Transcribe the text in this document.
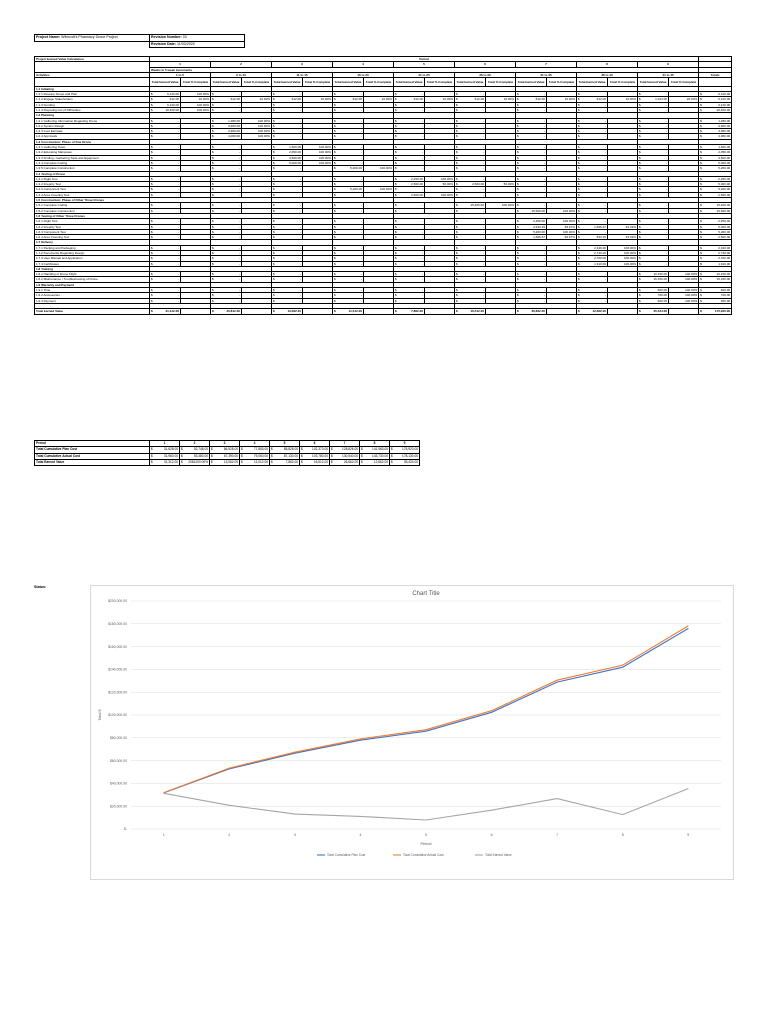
Project Name: Wilmcott's Pharmacy Drone Project	Revision Number: 03
	Revision Date: 11/03/2020
Project Earned Value Calculation	Period																		
	1		2		3		4		5		6		7		8		9		
	Weeks in 5 week increments																		
Activities	1 to 5		6 to 10		11 to 15		16 to 20		21 to 25		26 to 30		31 to 35		36 to 40		41 to 45		Totals
	Total Earned Value	Total % Complete	Total Earned Value	Total % Complete	Total Earned Value	Total % Complete	Total Earned Value	Total % Complete	Total Earned Value	Total % Complete	Total Earned Value	Total % Complete	Total Earned Value	Total % Complete	Total Earned Value	Total % Complete	Total Earned Value	Total % Complete	
1.1 Initiating																			
1.1.1 Develop Scope and Plan	$ 6,120.00	100.00%	$ -		$ -		$ -		$ -		$ -		$ -		$ -		$ -		$ 6,120.00

1.1.2 Engage Stakeholders	$ 612.00	10.00%	$ 612.00	10.00%	$ 612.00	10.00%	$ 612.00	10.00%	$ 612.00	10.00%	$ 612.00	10.00%	$ 612.00	10.00%	$ 612.00	10.00%	$ 1,224.00	20.00%	$ 6,120.00

1.1.3 Funding	$ 6,120.00	100.00%	$ -		$ -		$ -		$ -		$ -		$ -		$ -		$ -		$ 6,120.00

1.1.4 Preparing List of Difficulties	$ 18,460.00	100.00%	$ -		$ -		$ -		$ -		$ -		$ -		$ -		$ -		$ 18,460.00

1.2 Planning																			
1.2.1 Gathering Information Regarding Drone	$ -		$ 1,280.00	100.00%	$ -		$ -		$ -		$ -		$ -		$ -		$ -		$ 1,280.00

1.2.2 System Design	$ -		$ 9,900.00	100.00%	$ -		$ -		$ -		$ -		$ -		$ -		$ -		$ 9,900.00

1.2.3 Cost Estimate	$ -		$ 3,960.00	100.00%	$ -		$ -		$ -		$ -		$ -		$ -		$ -		$ 3,960.00

1.2.4 Approvals	$ -		$ 4,060.00	100.00%	$ -		$ -		$ -		$ -		$ -		$ -		$ -		$ 4,060.00

1.3 Construction: Phase of One Drone																			
1.3.1 Gathering Team	$ -		$ -		$ 1,600.00	100.00%	$ -		$ -		$ -		$ -		$ -		$ -		$ 1,600.00

1.3.2 Educating Manpower	$ -		$ -		$ 2,050.00	100.00%	$ -		$ -		$ -		$ -		$ -		$ -		$ 2,050.00

1.3.3 Finding / Gathering Tools and Equipment	$ -		$ -		$ 3,500.00	100.00%	$ -		$ -		$ -		$ -		$ -		$ -		$ 3,500.00

1.3.4 Complete Coding	$ -		$ -		$ 5,000.00	100.00%	$ -		$ -		$ -		$ -		$ -		$ -		$ 5,000.00

1.3.5 Complete Construction	$ -		$ -		$ -		$ 5,200.00	100.00%	$ -		$ -		$ -		$ -		$ -		$ 5,200.00

1.4 Testing of Drone																			
1.4.1 Flight Test	$ -		$ -		$ -		$ -		$ 2,250.00	100.00%	$ -		$ -		$ -		$ -		$ 2,250.00

1.4.2 Integrity Test	$ -		$ -		$ -		$ -		$ 2,500.00	50.00%	$ 2,500.00	50.00%	$ -		$ -		$ -		$ 5,000.00

1.4.3 Component Test	$ -		$ -		$ -		$ 5,200.00	100.00%	$ -		$ -		$ -		$ -		$ -		$ 5,200.00

1.4.4 Area Covering Test	$ -		$ -		$ -		$ -		$ 2,500.00	100.00%	$ -		$ -		$ -		$ -		$ 2,500.00

1.5 Construction: Phase of Other Three Drones																			
1.5.1 Complete Coding	$ -		$ -		$ -		$ -		$ -		$ 15,400.00	100.00%	$ -		$ -		$ -		$ 15,400.00

1.5.2 Complete Construction	$ -		$ -		$ -		$ -		$ -		$ -		$ 15,600.00	100.00%	$ -		$ -		$ 15,600.00

1.6 Testing of Other Three Drones																			
1.6.1 Flight Test	$ -		$ -		$ -		$ -		$ -		$ -		$ 2,250.00	100.00%	$ -		$ -		$ 2,250.00

1.6.2 Integrity Test	$ -		$ -		$ -		$ -		$ -		$ -		$ 3,333.33	66.67%	$ 1,666.67	33.33%	$ -		$ 5,000.00

1.6.3 Component Test	$ -		$ -		$ -		$ -		$ -		$ -		$ 5,200.00	100.00%	$ -		$ -		$ 5,200.00

1.6.4 Area Covering Test	$ -		$ -		$ -		$ -		$ -		$ -		$ 1,666.67	66.67%	$ 833.33	33.33%	$ -		$ 2,500.00

1.7 Delivery																			
1.7.1 Packing and Packaging	$ -		$ -		$ -		$ -		$ -		$ -		$ -		$ 2,340.00	100.00%	$ -		$ 2,340.00

1.7.2 Documents Regarding Design	$ -		$ -		$ -		$ -		$ -		$ -		$ -		$ 2,740.00	100.00%	$ -		$ 2,740.00

1.7.3 User Manual and Application	$ -		$ -		$ -		$ -		$ -		$ -		$ -		$ 2,700.00	100.00%	$ -		$ 2,700.00

1.7.4 Certificates	$ -		$ -		$ -		$ -		$ -		$ -		$ -		$ 1,910.00	100.00%	$ -		$ 1,910.00

1.8 Training																			
1.8.1 Handling of Drone Flight	$ -		$ -		$ -		$ -		$ -		$ -		$ -		$ -		$ 16,150.00	100.00%	$ 16,150.00

1.8.2 Maintenance / Troubleshooting of Drone	$ -		$ -		$ -		$ -		$ -		$ -		$ -		$ -		$ 16,150.00	100.00%	$ 16,150.00

1.9 Warranty and Payment																			
1.9.1 Time	$ -		$ -		$ -		$ -		$ -		$ -		$ -		$ -		$ 600.00	100.00%	$ 600.00

1.9.2 Accessories	$ -		$ -		$ -		$ -		$ -		$ -		$ -		$ -		$ 700.00	100.00%	$ 700.00

1.9.3 Payment	$ -		$ -		$ -		$ -		$ -		$ -		$ -		$ -		$ 600.00	100.00%	$ 600.00

Total Earned Value	$ 31,312.00		$ 20,812.00		$ 13,062.00		$ 11,012.00		$ 7,862.00		$ 16,512.00		$ 26,662.00		$ 12,662.00		$ 35,424.00		$ 175,920.00
Period	1	2	3	4	5	6	7	8	9
Total Cumulative Plan Cost	$ 31,628.00	$ 52,748.00	$ 66,528.00	$ 77,853.00	$ 85,828.00	$ 102,373.00	$ 128,826.00	$ 141,963.00	$ 175,920.00

Total Cumulative Actual Cost	$ 31,960.00	$ 53,380.00	$ 67,390.00	$ 79,060.00	$ 87,130.00	$ 103,780.00	$ 130,540.00	$ 143,730.00	$ 178,130.00

Total Earned Value	$ 31,312.00	$ 2081200.00%	$ 13,062.00	$ 11,012.00	$ 7,862.00	$ 16,512.00	$ 26,662.00	$ 12,662.00	$ 35,424.00
Status:
Chart Title
$-
$20,000.00
$40,000.00
$60,000.00
$80,000.00
$100,000.00
$120,000.00
$140,000.00
$160,000.00
$180,000.00
$200,000.00
1	2	3	4	5	6	7	8	9
Period
Total $
Total Cumulative Plan Cost	Total Cumulative Actual Cost	Total Earned Value
